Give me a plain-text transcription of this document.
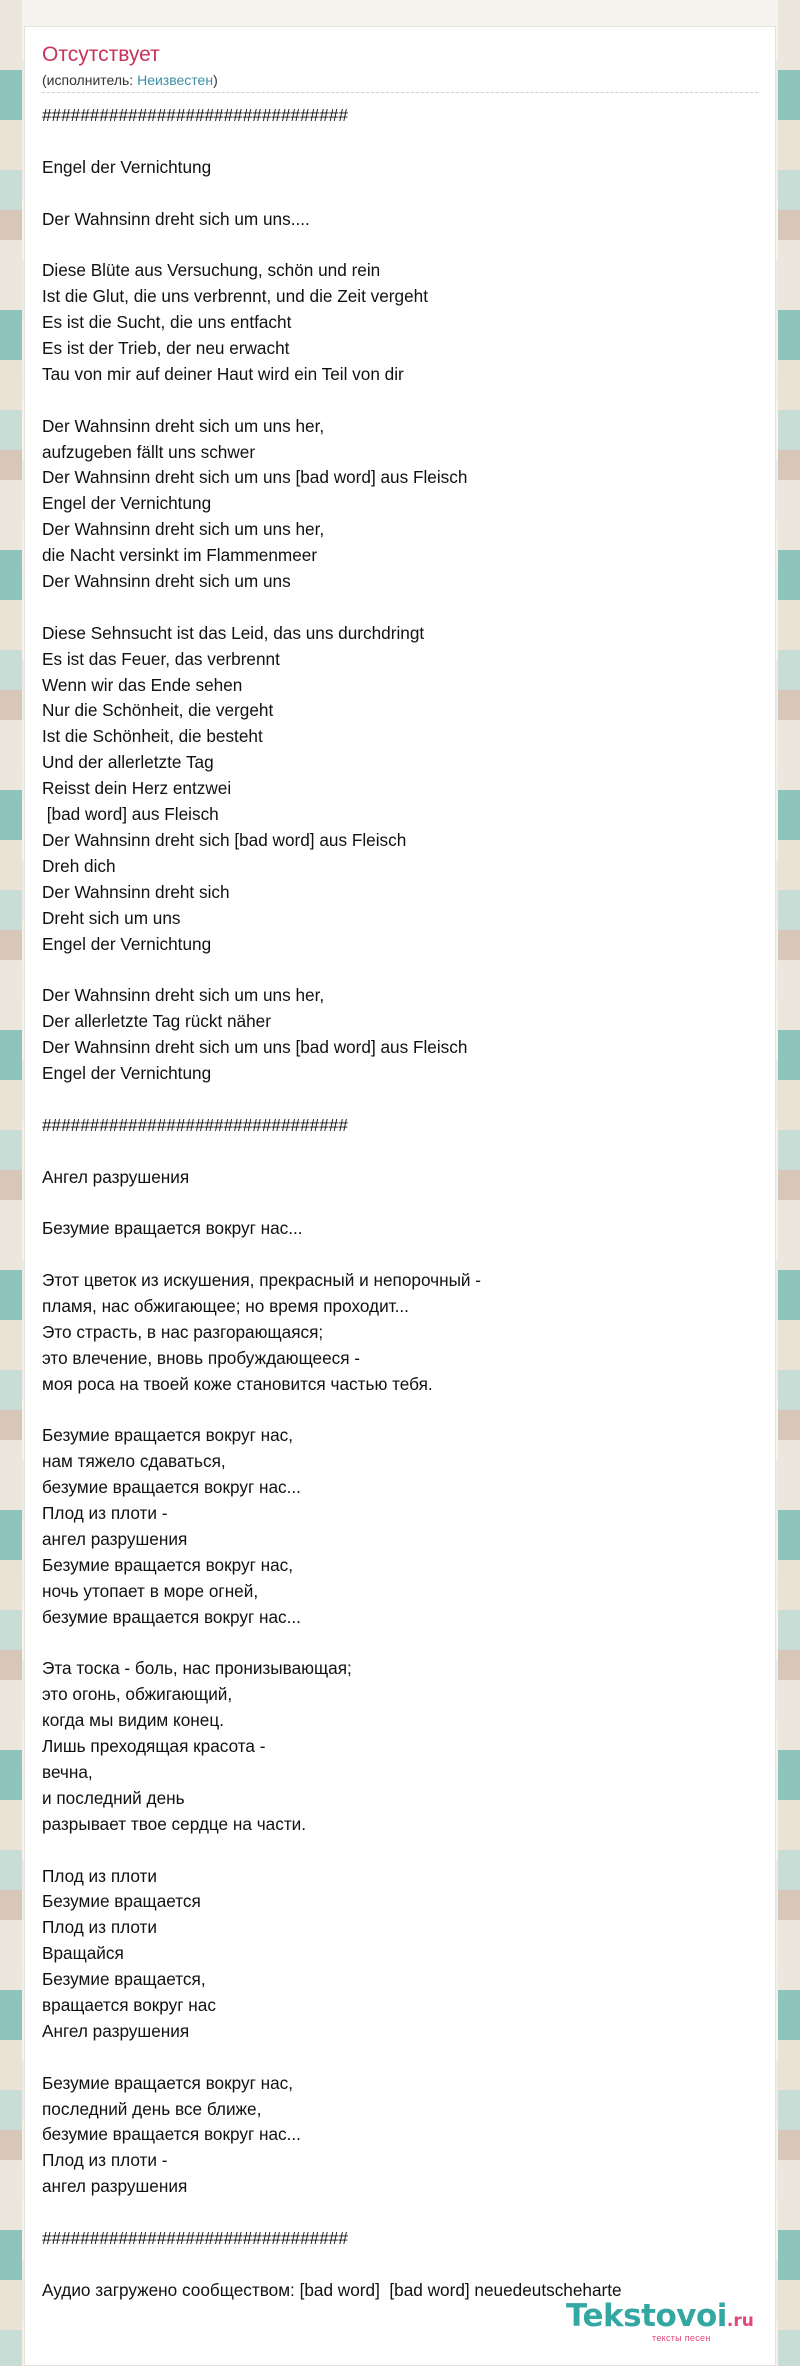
Отсутствует
(исполнитель: Неизвестен)
################################
Engel der Vernichtung
Der Wahnsinn dreht sich um uns....
Diese Blüte aus Versuchung, schön und rein
Ist die Glut, die uns verbrennt, und die Zeit vergeht
Es ist die Sucht, die uns entfacht
Es ist der Trieb, der neu erwacht
Tau von mir auf deiner Haut wird ein Teil von dir
Der Wahnsinn dreht sich um uns her,
aufzugeben fällt uns schwer
Der Wahnsinn dreht sich um uns [bad word] aus Fleisch
Engel der Vernichtung
Der Wahnsinn dreht sich um uns her,
die Nacht versinkt im Flammenmeer
Der Wahnsinn dreht sich um uns
Diese Sehnsucht ist das Leid, das uns durchdringt
Es ist das Feuer, das verbrennt
Wenn wir das Ende sehen
Nur die Schönheit, die vergeht
Ist die Schönheit, die besteht
Und der allerletzte Tag
Reisst dein Herz entzwei
[bad word] aus Fleisch
Der Wahnsinn dreht sich [bad word] aus Fleisch
Dreh dich
Der Wahnsinn dreht sich
Dreht sich um uns
Engel der Vernichtung
Der Wahnsinn dreht sich um uns her,
Der allerletzte Tag rückt näher
Der Wahnsinn dreht sich um uns [bad word] aus Fleisch
Engel der Vernichtung
################################
Ангел разрушения
Безумие вращается вокруг нас...
Этот цветок из искушения, прекрасный и непорочный -
пламя, нас обжигающее; но время проходит...
Это страсть, в нас разгорающаяся;
это влечение, вновь пробуждающееся -
моя роса на твоей коже становится частью тебя.
Безумие вращается вокруг нас,
нам тяжело сдаваться,
безумие вращается вокруг нас...
Плод из плоти -
ангел разрушения
Безумие вращается вокруг нас,
ночь утопает в море огней,
безумие вращается вокруг нас...
Эта тоска - боль, нас пронизывающая;
это огонь, обжигающий,
когда мы видим конец.
Лишь преходящая красота -
вечна,
и последний день
разрывает твое сердце на части.
Плод из плоти
Безумие вращается
Плод из плоти
Вращайся
Безумие вращается,
вращается вокруг нас
Ангел разрушения
Безумие вращается вокруг нас,
последний день все ближе,
безумие вращается вокруг нас...
Плод из плоти -
ангел разрушения
################################
Аудио загружено сообществом: [bad word]  [bad word] neuedeutscheharte
Tekstovoi.ru
тексты песен
